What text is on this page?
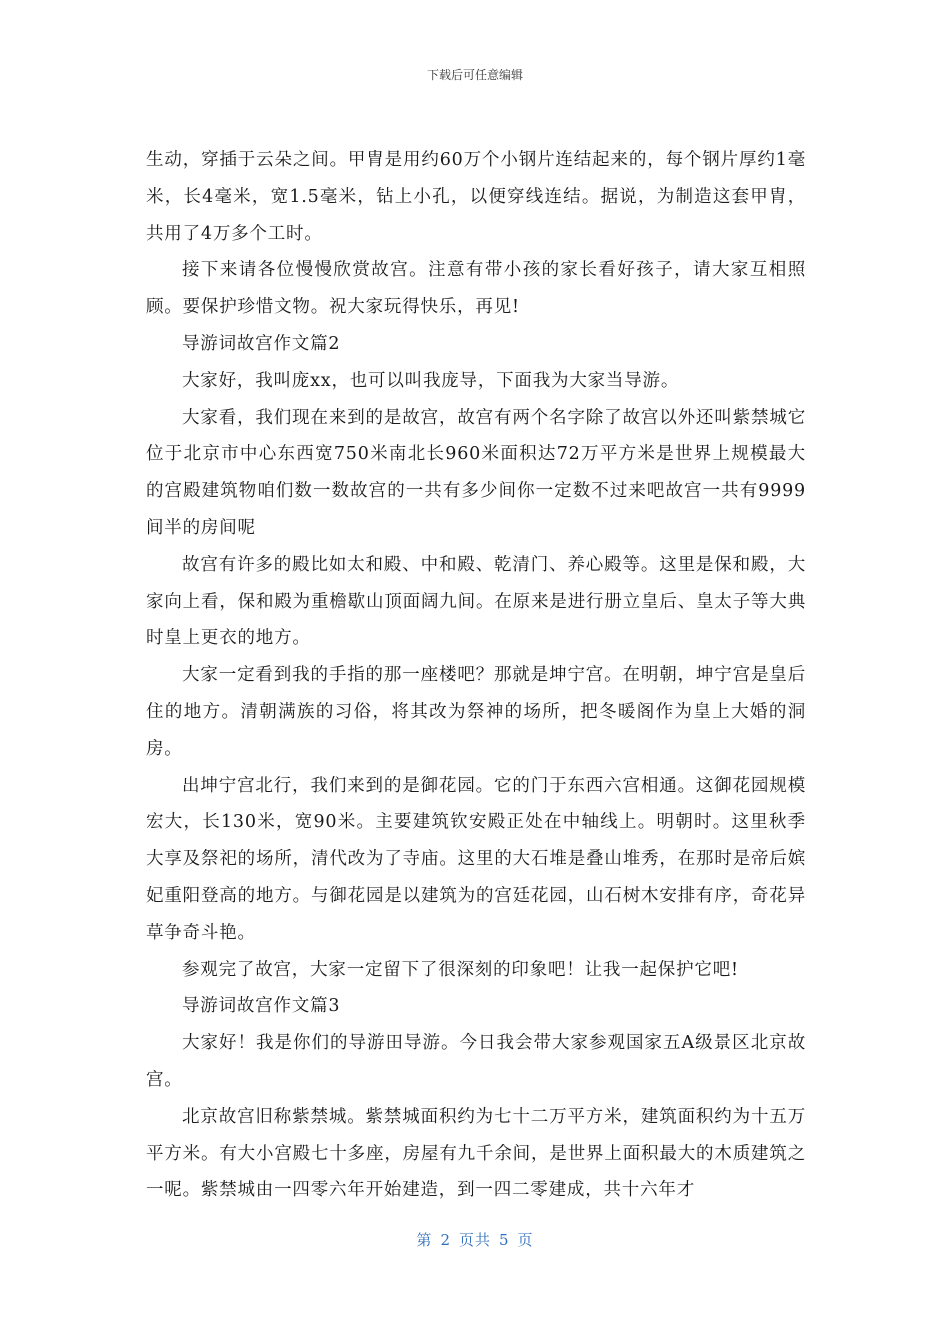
下载后可任意编辑

生动，穿插于云朵之间。甲胄是用约60万个小钢片连结起来的，每个钢片厚约1毫米，长4毫米，宽1.5毫米，钻上小孔，以便穿线连结。据说，为制造这套甲胄，共用了4万多个工时。

接下来请各位慢慢欣赏故宫。注意有带小孩的家长看好孩子，请大家互相照顾。要保护珍惜文物。祝大家玩得快乐，再见!

导游词故宫作文篇2

大家好，我叫庞xx，也可以叫我庞导，下面我为大家当导游。

大家看，我们现在来到的是故宫，故宫有两个名字除了故宫以外还叫紫禁城它位于北京市中心东西宽750米南北长960米面积达72万平方米是世界上规模最大的宫殿建筑物咱们数一数故宫的一共有多少间你一定数不过来吧故宫一共有9999间半的房间呢

故宫有许多的殿比如太和殿、中和殿、乾清门、养心殿等。这里是保和殿，大家向上看，保和殿为重檐歇山顶面阔九间。在原来是进行册立皇后、皇太子等大典时皇上更衣的地方。

大家一定看到我的手指的那一座楼吧？那就是坤宁宫。在明朝，坤宁宫是皇后住的地方。清朝满族的习俗，将其改为祭神的场所，把冬暖阁作为皇上大婚的洞房。

出坤宁宫北行，我们来到的是御花园。它的门于东西六宫相通。这御花园规模宏大，长130米，宽90米。主要建筑钦安殿正处在中轴线上。明朝时。这里秋季大享及祭祀的场所，清代改为了寺庙。这里的大石堆是叠山堆秀，在那时是帝后嫔妃重阳登高的地方。与御花园是以建筑为的宫廷花园，山石树木安排有序，奇花异草争奇斗艳。

参观完了故宫，大家一定留下了很深刻的印象吧！让我一起保护它吧!

导游词故宫作文篇3

大家好！我是你们的导游田导游。今日我会带大家参观国家五A级景区北京故宫。

北京故宫旧称紫禁城。紫禁城面积约为七十二万平方米，建筑面积约为十五万平方米。有大小宫殿七十多座，房屋有九千余间，是世界上面积最大的木质建筑之一呢。紫禁城由一四零六年开始建造，到一四二零建成，共十六年才

第 2 页共 5 页
